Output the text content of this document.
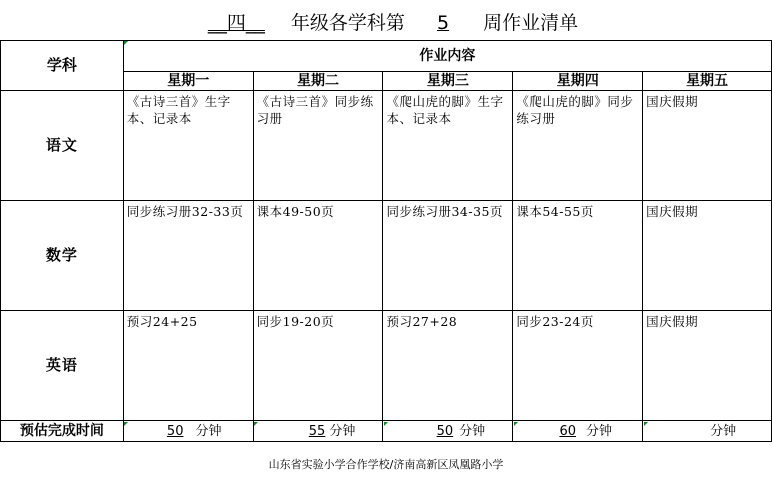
__四__ 年级各学科第 5 周作业清单
学科	作业内容				
	星期一	星期二	星期三	星期四	星期五
语文	《古诗三首》生字本、记录本	《古诗三首》同步练习册	《爬山虎的脚》生字本、记录本	《爬山虎的脚》同步练习册	国庆假期
数学	同步练习册32-33页	课本49-50页	同步练习册34-35页	课本54-55页	国庆假期
英语	预习24+25	同步19-20页	预习27+28	同步23-24页	国庆假期
预估完成时间	50 分钟	55 分钟	50 分钟	60 分钟	分钟
山东省实验小学合作学校/济南高新区凤凰路小学
